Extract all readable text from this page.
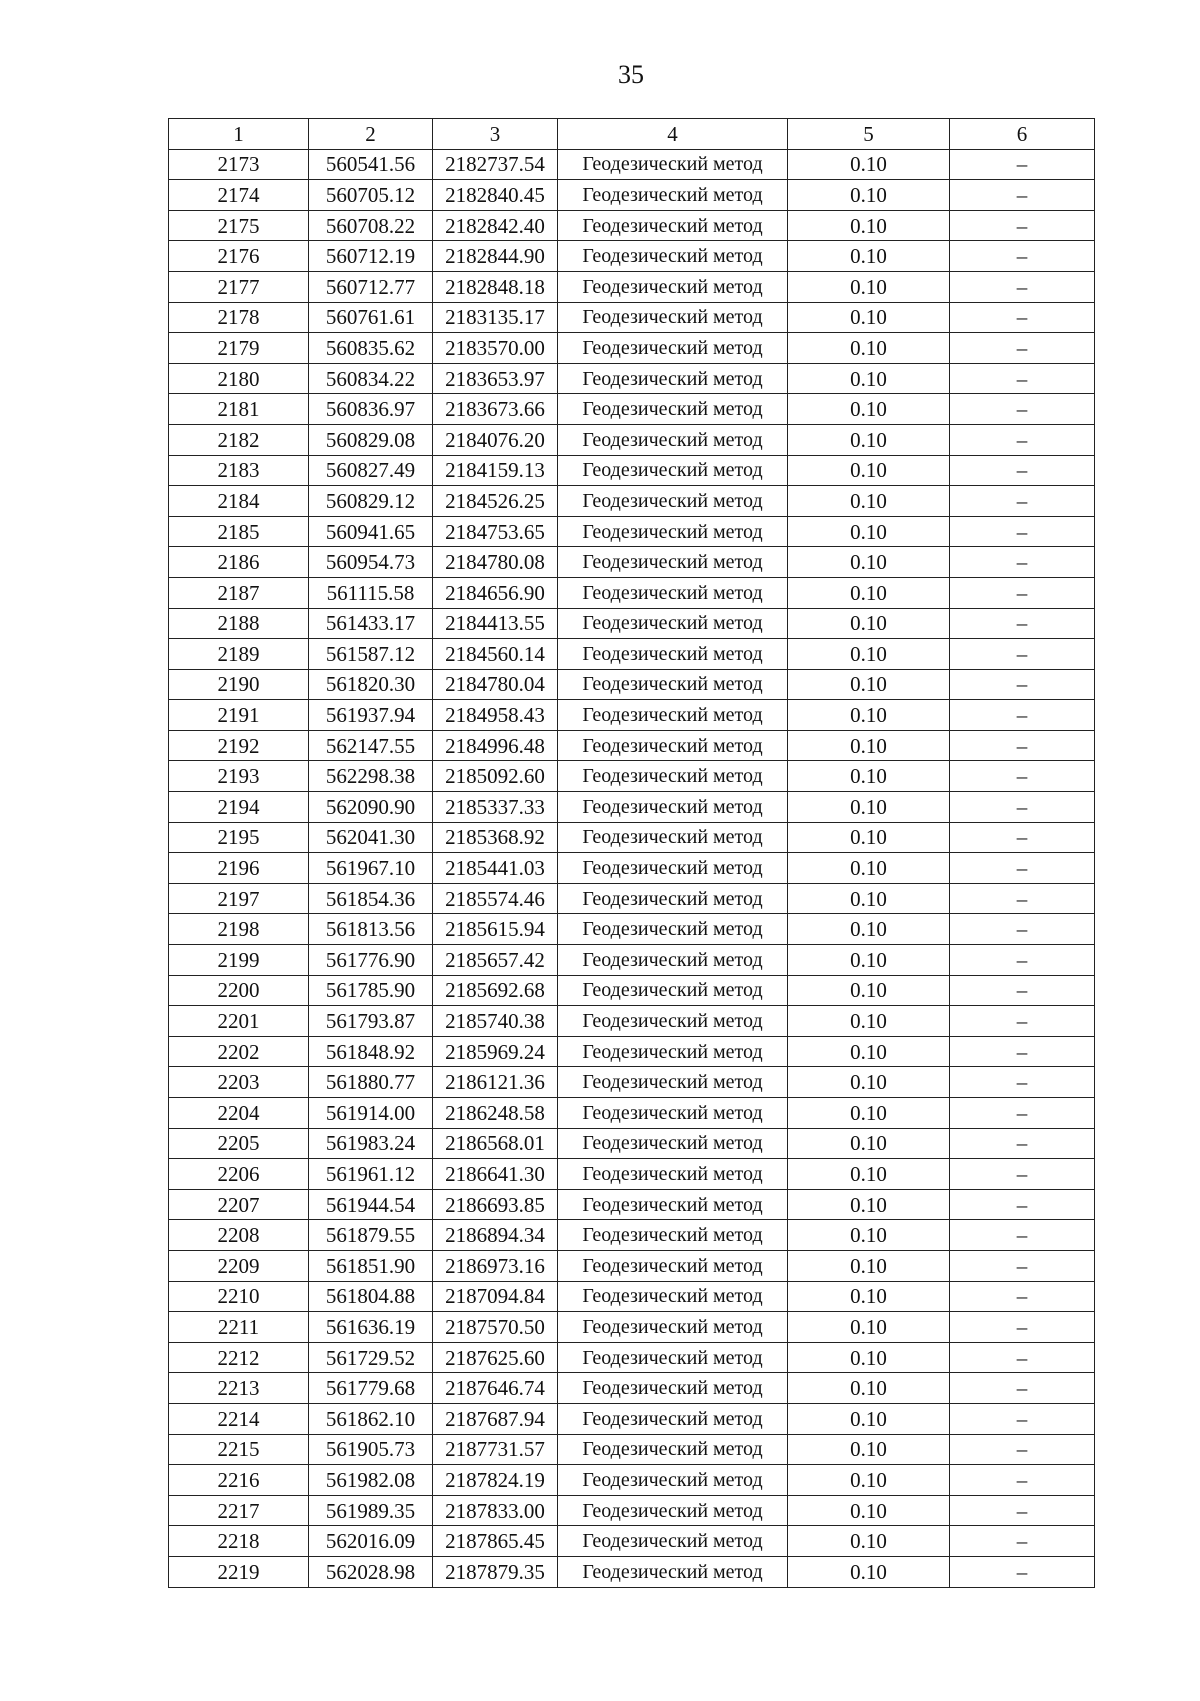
35
1	2	3	4	5	6
2173	560541.56	2182737.54	Геодезический метод	0.10	–
2174	560705.12	2182840.45	Геодезический метод	0.10	–
2175	560708.22	2182842.40	Геодезический метод	0.10	–
2176	560712.19	2182844.90	Геодезический метод	0.10	–
2177	560712.77	2182848.18	Геодезический метод	0.10	–
2178	560761.61	2183135.17	Геодезический метод	0.10	–
2179	560835.62	2183570.00	Геодезический метод	0.10	–
2180	560834.22	2183653.97	Геодезический метод	0.10	–
2181	560836.97	2183673.66	Геодезический метод	0.10	–
2182	560829.08	2184076.20	Геодезический метод	0.10	–
2183	560827.49	2184159.13	Геодезический метод	0.10	–
2184	560829.12	2184526.25	Геодезический метод	0.10	–
2185	560941.65	2184753.65	Геодезический метод	0.10	–
2186	560954.73	2184780.08	Геодезический метод	0.10	–
2187	561115.58	2184656.90	Геодезический метод	0.10	–
2188	561433.17	2184413.55	Геодезический метод	0.10	–
2189	561587.12	2184560.14	Геодезический метод	0.10	–
2190	561820.30	2184780.04	Геодезический метод	0.10	–
2191	561937.94	2184958.43	Геодезический метод	0.10	–
2192	562147.55	2184996.48	Геодезический метод	0.10	–
2193	562298.38	2185092.60	Геодезический метод	0.10	–
2194	562090.90	2185337.33	Геодезический метод	0.10	–
2195	562041.30	2185368.92	Геодезический метод	0.10	–
2196	561967.10	2185441.03	Геодезический метод	0.10	–
2197	561854.36	2185574.46	Геодезический метод	0.10	–
2198	561813.56	2185615.94	Геодезический метод	0.10	–
2199	561776.90	2185657.42	Геодезический метод	0.10	–
2200	561785.90	2185692.68	Геодезический метод	0.10	–
2201	561793.87	2185740.38	Геодезический метод	0.10	–
2202	561848.92	2185969.24	Геодезический метод	0.10	–
2203	561880.77	2186121.36	Геодезический метод	0.10	–
2204	561914.00	2186248.58	Геодезический метод	0.10	–
2205	561983.24	2186568.01	Геодезический метод	0.10	–
2206	561961.12	2186641.30	Геодезический метод	0.10	–
2207	561944.54	2186693.85	Геодезический метод	0.10	–
2208	561879.55	2186894.34	Геодезический метод	0.10	–
2209	561851.90	2186973.16	Геодезический метод	0.10	–
2210	561804.88	2187094.84	Геодезический метод	0.10	–
2211	561636.19	2187570.50	Геодезический метод	0.10	–
2212	561729.52	2187625.60	Геодезический метод	0.10	–
2213	561779.68	2187646.74	Геодезический метод	0.10	–
2214	561862.10	2187687.94	Геодезический метод	0.10	–
2215	561905.73	2187731.57	Геодезический метод	0.10	–
2216	561982.08	2187824.19	Геодезический метод	0.10	–
2217	561989.35	2187833.00	Геодезический метод	0.10	–
2218	562016.09	2187865.45	Геодезический метод	0.10	–
2219	562028.98	2187879.35	Геодезический метод	0.10	–
